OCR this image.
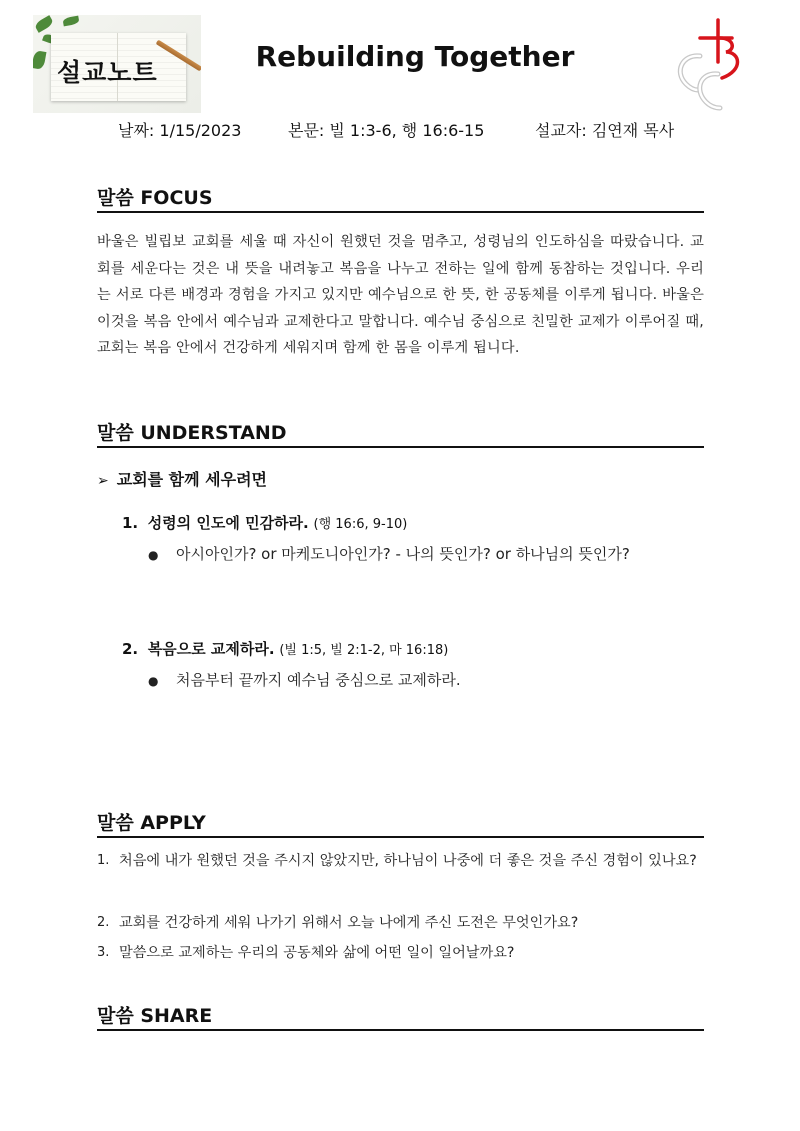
설교노트	Rebuilding Together
날짜: 1/15/2023	본문: 빌 1:3-6, 행 16:6-15	설교자: 김연재 목사
말씀 FOCUS
바울은 빌립보 교회를 세울 때 자신이 원했던 것을 멈추고, 성령님의 인도하심을 따랐습니다. 교회를 세운다는 것은 내 뜻을 내려놓고 복음을 나누고 전하는 일에 함께 동참하는 것입니다. 우리는 서로 다른 배경과 경험을 가지고 있지만 예수님으로 한 뜻, 한 공동체를 이루게 됩니다. 바울은 이것을 복음 안에서 예수님과 교제한다고 말합니다. 예수님 중심으로 친밀한 교제가 이루어질 때, 교회는 복음 안에서 건강하게 세워지며 함께 한 몸을 이루게 됩니다.
말씀 UNDERSTAND
➢ 교회를 함께 세우려면
1. 성령의 인도에 민감하라. (행 16:6, 9-10)
● 아시아인가? or 마케도니아인가? - 나의 뜻인가? or 하나님의 뜻인가?
2. 복음으로 교제하라. (빌 1:5, 빌 2:1-2, 마 16:18)
● 처음부터 끝까지 예수님 중심으로 교제하라.
말씀 APPLY
1. 처음에 내가 원했던 것을 주시지 않았지만, 하나님이 나중에 더 좋은 것을 주신 경험이 있나요?
2. 교회를 건강하게 세워 나가기 위해서 오늘 나에게 주신 도전은 무엇인가요?
3. 말씀으로 교제하는 우리의 공동체와 삶에 어떤 일이 일어날까요?
말씀 SHARE
